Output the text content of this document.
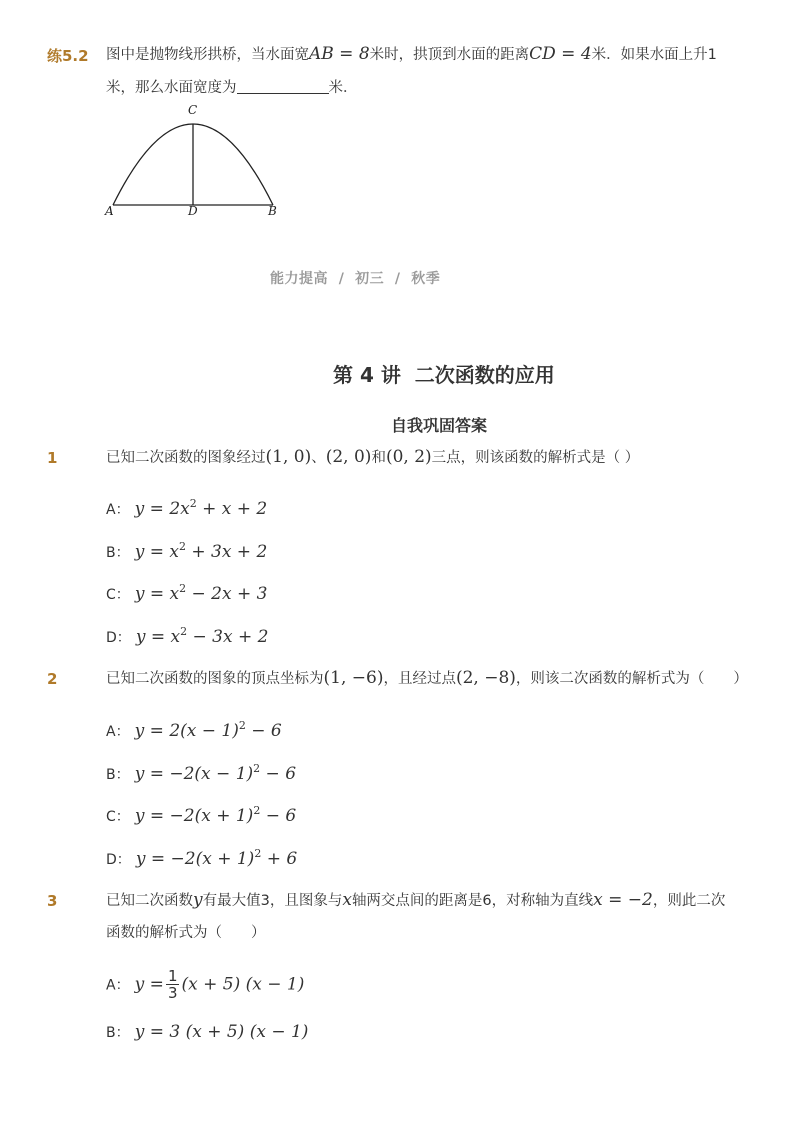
练5.2 图中是抛物线形拱桥，当水面宽AB = 8米时，拱顶到水面的距离CD = 4米．如果水面上升1
米，那么水面宽度为	米．
C
A	D	B
能力提高  /  初三  /  秋季
第 4 讲  二次函数的应用
自我巩固答案
1	已知二次函数的图象经过(1, 0)、(2, 0)和(0, 2)三点，则该函数的解析式是（ ）
A： $y = 2x^2 + x + 2$
B： $y = x^2 + 3x + 2$
C： $y = x^2 - 2x + 3$
D： $y = x^2 - 3x + 2$
2	已知二次函数的图象的顶点坐标为(1, −6)，且经过点(2, −8)，则该二次函数的解析式为（　　）
A： $y = 2(x - 1)^2 - 6$
B： $y = -2(x - 1)^2 - 6$
C： $y = -2(x + 1)^2 - 6$
D： $y = -2(x + 1)^2 + 6$
3	已知二次函数y有最大值3，且图象与x轴两交点间的距离是6，对称轴为直线x = −2，则此二次
函数的解析式为（　　）
A： $y = \frac{1}{3} (x + 5) (x - 1)$
B： y = 3 (x + 5) (x − 1)
